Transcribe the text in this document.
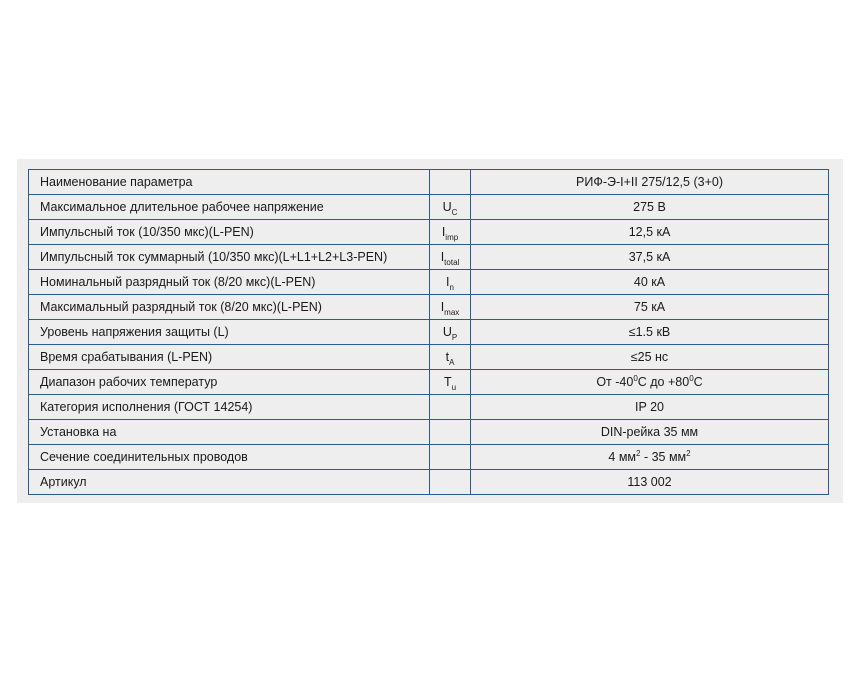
Наименование параметра		РИФ-Э-I+II 275/12,5 (3+0)
Максимальное длительное рабочее напряжение	$U_C$	275 В
Импульсный ток (10/350 мкс)(L-PEN)	$I_{imp}$	12,5 кА
Импульсный ток суммарный (10/350 мкс)(L+L1+L2+L3-PEN)	$I_{total}$	37,5 кА
Номинальный разрядный ток (8/20 мкс)(L-PEN)	$I_n$	40 кА
Максимальный разрядный ток (8/20 мкс)(L-PEN)	$I_{max}$	75 кА
Уровень напряжения защиты (L)	$U_P$	≤1.5 кВ
Время срабатывания (L-PEN)	$t_A$	≤25 нс
Диапазон рабочих температур	$T_u$	От $-40^0С$ до $+80^0С$
Категория исполнения (ГОСТ 14254)		IP 20
Установка на		DIN-рейка 35 мм
Сечение соединительных проводов		4 $мм^2 - 35$ $мм^2$
Артикул		113 002
